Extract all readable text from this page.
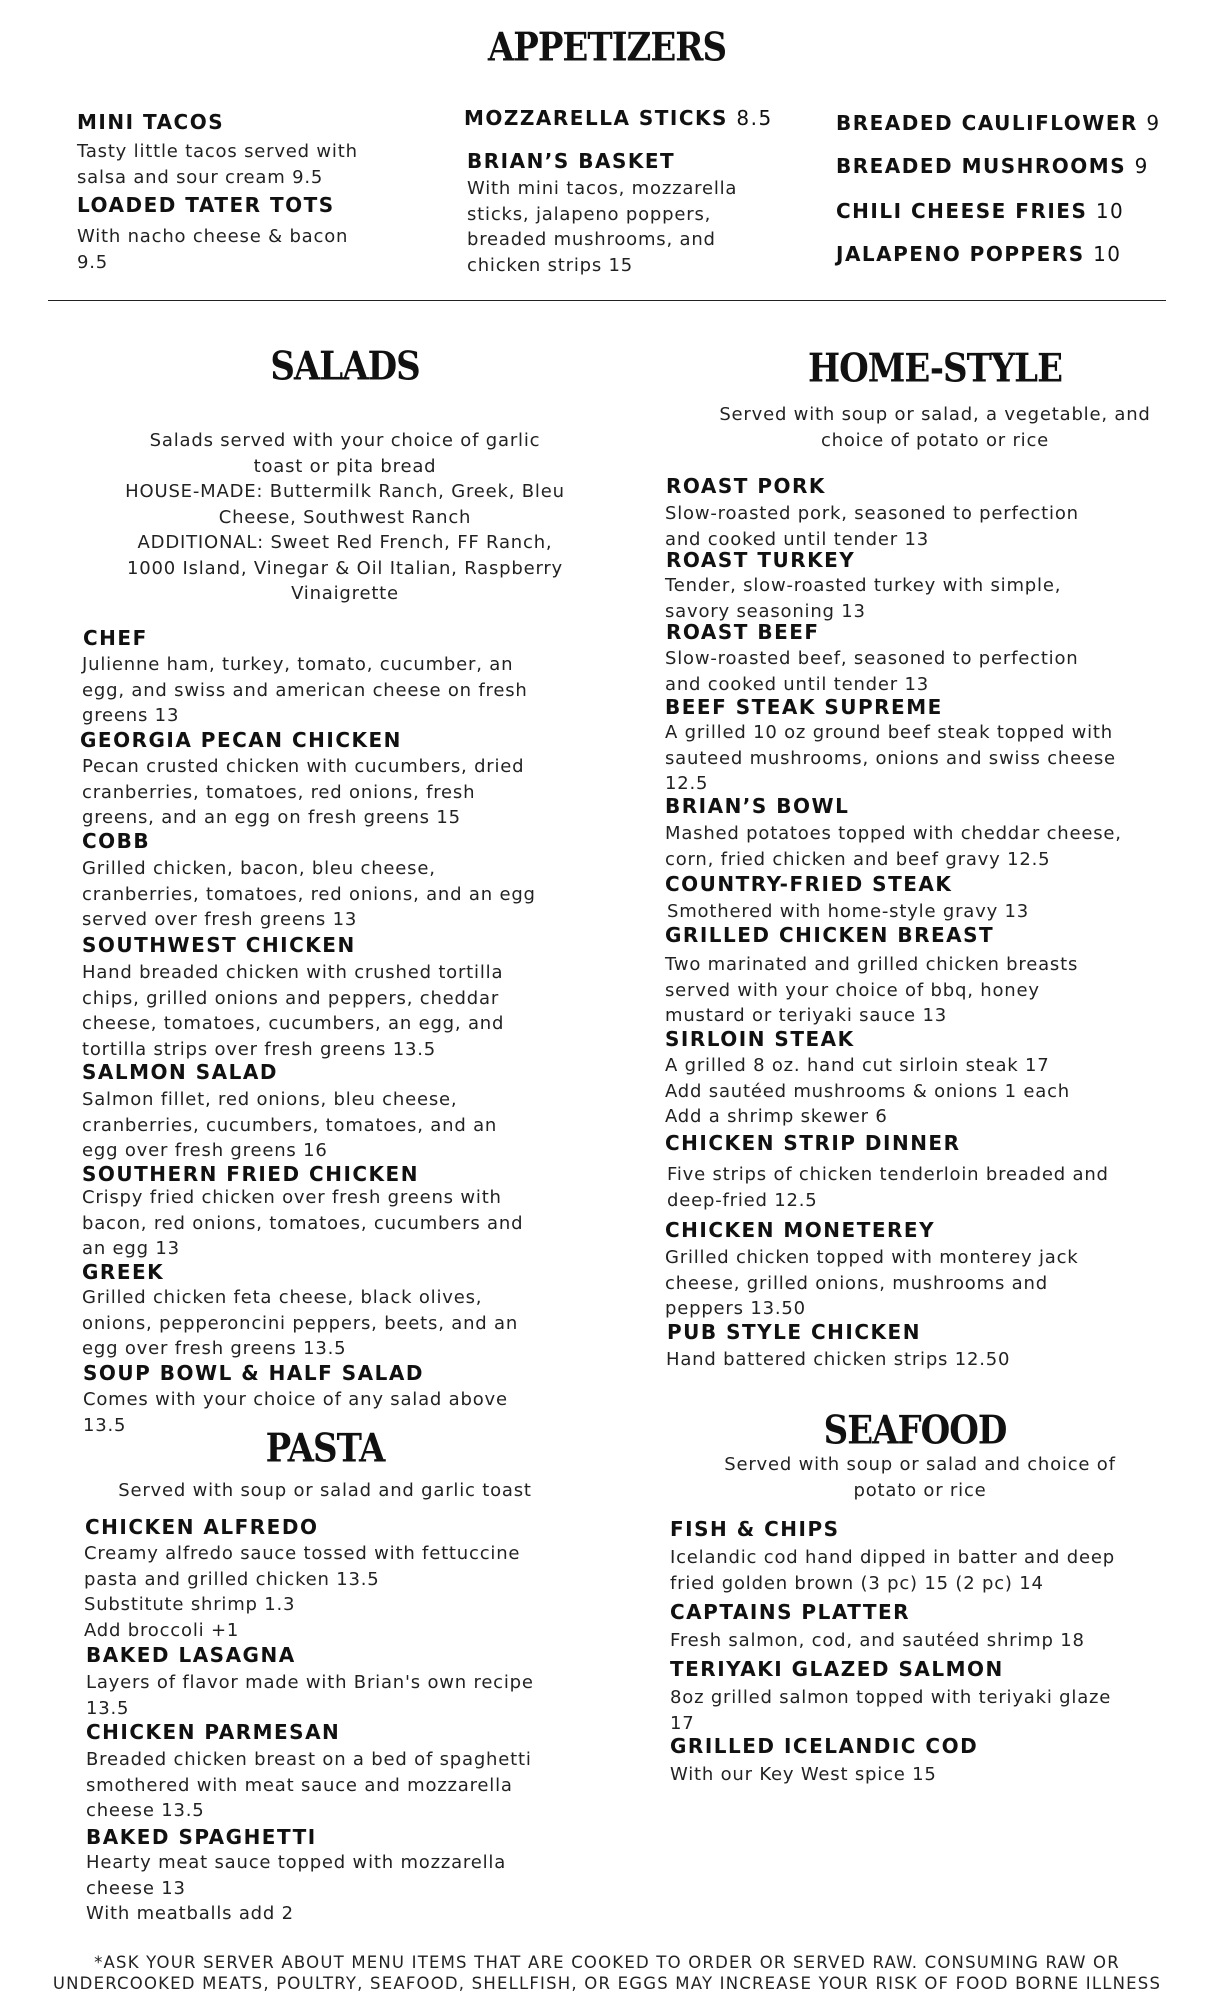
APPETIZERS
MINI TACOS
Tasty little tacos served with
salsa and sour cream 9.5
LOADED TATER TOTS
With nacho cheese & bacon
9.5
MOZZARELLA STICKS 8.5
BRIAN’S BASKET
With mini tacos, mozzarella
sticks, jalapeno poppers,
breaded mushrooms, and
chicken strips 15
BREADED CAULIFLOWER 9
BREADED MUSHROOMS 9
CHILI CHEESE FRIES 10
JALAPENO POPPERS 10
SALADS
Salads served with your choice of garlic
toast or pita bread
HOUSE-MADE: Buttermilk Ranch, Greek, Bleu
Cheese, Southwest Ranch
ADDITIONAL: Sweet Red French, FF Ranch,
1000 Island, Vinegar & Oil Italian, Raspberry
Vinaigrette
CHEF
Julienne ham, turkey, tomato, cucumber, an
egg, and swiss and american cheese on fresh
greens 13
GEORGIA PECAN CHICKEN
Pecan crusted chicken with cucumbers, dried
cranberries, tomatoes, red onions, fresh
greens, and an egg on fresh greens 15
COBB
Grilled chicken, bacon, bleu cheese,
cranberries, tomatoes, red onions, and an egg
served over fresh greens 13
SOUTHWEST CHICKEN
Hand breaded chicken with crushed tortilla
chips, grilled onions and peppers, cheddar
cheese, tomatoes, cucumbers, an egg, and
tortilla strips over fresh greens 13.5
SALMON SALAD
Salmon fillet, red onions, bleu cheese,
cranberries, cucumbers, tomatoes, and an
egg over fresh greens 16
SOUTHERN FRIED CHICKEN
Crispy fried chicken over fresh greens with
bacon, red onions, tomatoes, cucumbers and
an egg 13
GREEK
Grilled chicken feta cheese, black olives,
onions, pepperoncini peppers, beets, and an
egg over fresh greens 13.5
SOUP BOWL & HALF SALAD
Comes with your choice of any salad above
13.5
PASTA
Served with soup or salad and garlic toast
CHICKEN ALFREDO
Creamy alfredo sauce tossed with fettuccine
pasta and grilled chicken 13.5
Substitute shrimp 1.3
Add broccoli +1
BAKED LASAGNA
Layers of flavor made with Brian's own recipe
13.5
CHICKEN PARMESAN
Breaded chicken breast on a bed of spaghetti
smothered with meat sauce and mozzarella
cheese 13.5
BAKED SPAGHETTI
Hearty meat sauce topped with mozzarella
cheese 13
With meatballs add 2
HOME-STYLE
Served with soup or salad, a vegetable, and
choice of potato or rice
ROAST PORK
Slow-roasted pork, seasoned to perfection
and cooked until tender 13
ROAST TURKEY
Tender, slow-roasted turkey with simple,
savory seasoning 13
ROAST BEEF
Slow-roasted beef, seasoned to perfection
and cooked until tender 13
BEEF STEAK SUPREME
A grilled 10 oz ground beef steak topped with
sauteed mushrooms, onions and swiss cheese
12.5
BRIAN’S BOWL
Mashed potatoes topped with cheddar cheese,
corn, fried chicken and beef gravy 12.5
COUNTRY-FRIED STEAK
Smothered with home-style gravy 13
GRILLED CHICKEN BREAST
Two marinated and grilled chicken breasts
served with your choice of bbq, honey
mustard or teriyaki sauce 13
SIRLOIN STEAK
A grilled 8 oz. hand cut sirloin steak 17
Add sautéed mushrooms & onions 1 each
Add a shrimp skewer 6
CHICKEN STRIP DINNER
Five strips of chicken tenderloin breaded and
deep-fried 12.5
CHICKEN MONETEREY
Grilled chicken topped with monterey jack
cheese, grilled onions, mushrooms and
peppers 13.50
PUB STYLE CHICKEN
Hand battered chicken strips 12.50
SEAFOOD
Served with soup or salad and choice of
potato or rice
FISH & CHIPS
Icelandic cod hand dipped in batter and deep
fried golden brown (3 pc) 15 (2 pc) 14
CAPTAINS PLATTER
Fresh salmon, cod, and sautéed shrimp 18
TERIYAKI GLAZED SALMON
8oz grilled salmon topped with teriyaki glaze
17
GRILLED ICELANDIC COD
With our Key West spice 15
*ASK YOUR SERVER ABOUT MENU ITEMS THAT ARE COOKED TO ORDER OR SERVED RAW. CONSUMING RAW OR
UNDERCOOKED MEATS, POULTRY, SEAFOOD, SHELLFISH, OR EGGS MAY INCREASE YOUR RISK OF FOOD BORNE ILLNESS
